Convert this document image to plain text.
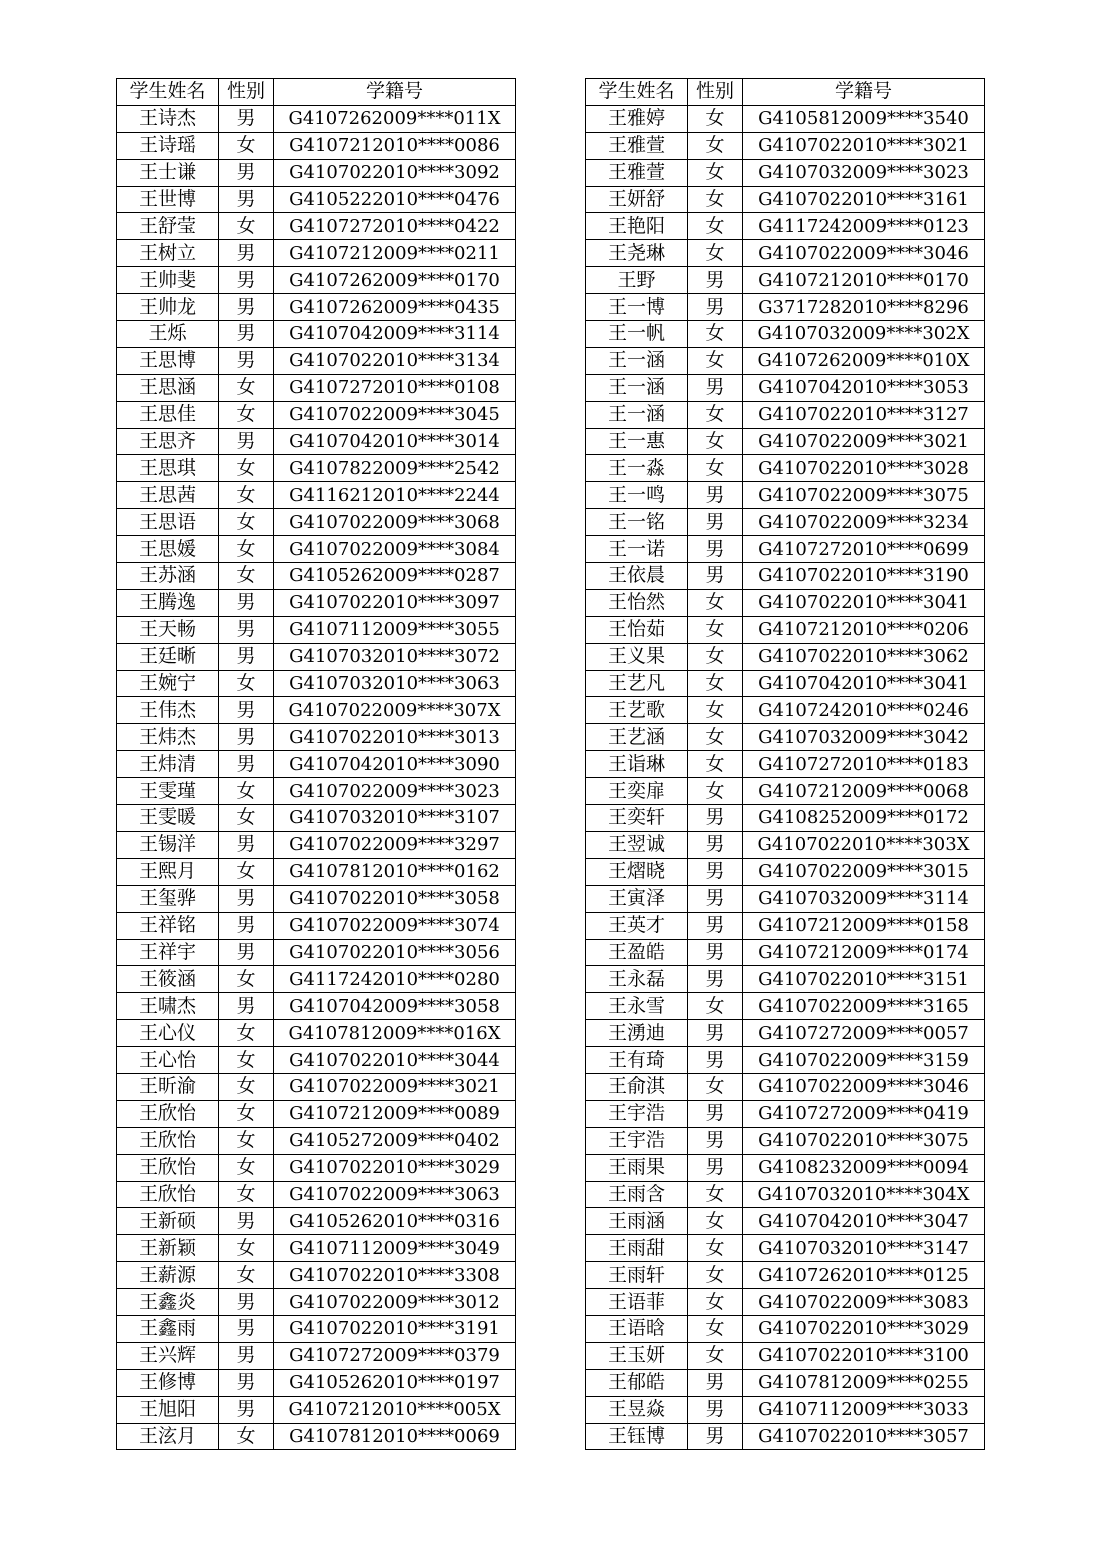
学生姓名	性别	学籍号
王诗杰	男	G4107262009****011X
王诗瑶	女	G4107212010****0086
王士谦	男	G4107022010****3092
王世博	男	G4105222010****0476
王舒莹	女	G4107272010****0422
王树立	男	G4107212009****0211
王帅斐	男	G4107262009****0170
王帅龙	男	G4107262009****0435
王烁	男	G4107042009****3114
王思博	男	G4107022010****3134
王思涵	女	G4107272010****0108
王思佳	女	G4107022009****3045
王思齐	男	G4107042010****3014
王思琪	女	G4107822009****2542
王思茜	女	G4116212010****2244
王思语	女	G4107022009****3068
王思媛	女	G4107022009****3084
王苏涵	女	G4105262009****0287
王腾逸	男	G4107022010****3097
王天畅	男	G4107112009****3055
王廷晰	男	G4107032010****3072
王婉宁	女	G4107032010****3063
王伟杰	男	G4107022009****307X
王炜杰	男	G4107022010****3013
王炜清	男	G4107042010****3090
王雯瑾	女	G4107022009****3023
王雯暖	女	G4107032010****3107
王锡洋	男	G4107022009****3297
王熙月	女	G4107812010****0162
王玺骅	男	G4107022010****3058
王祥铭	男	G4107022009****3074
王祥宇	男	G4107022010****3056
王筱涵	女	G4117242010****0280
王啸杰	男	G4107042009****3058
王心仪	女	G4107812009****016X
王心怡	女	G4107022010****3044
王昕渝	女	G4107022009****3021
王欣怡	女	G4107212009****0089
王欣怡	女	G4105272009****0402
王欣怡	女	G4107022010****3029
王欣怡	女	G4107022009****3063
王新硕	男	G4105262010****0316
王新颖	女	G4107112009****3049
王薪源	女	G4107022010****3308
王鑫炎	男	G4107022009****3012
王鑫雨	男	G4107022010****3191
王兴辉	男	G4107272009****0379
王修博	男	G4105262010****0197
王旭阳	男	G4107212010****005X
王泫月	女	G4107812010****0069
学生姓名	性别	学籍号
王雅婷	女	G4105812009****3540
王雅萱	女	G4107022010****3021
王雅萱	女	G4107032009****3023
王妍舒	女	G4107022010****3161
王艳阳	女	G4117242009****0123
王尧琳	女	G4107022009****3046
王野	男	G4107212010****0170
王一博	男	G3717282010****8296
王一帆	女	G4107032009****302X
王一涵	女	G4107262009****010X
王一涵	男	G4107042010****3053
王一涵	女	G4107022010****3127
王一惠	女	G4107022009****3021
王一淼	女	G4107022010****3028
王一鸣	男	G4107022009****3075
王一铭	男	G4107022009****3234
王一诺	男	G4107272010****0699
王依晨	男	G4107022010****3190
王怡然	女	G4107022010****3041
王怡茹	女	G4107212010****0206
王义果	女	G4107022010****3062
王艺凡	女	G4107042010****3041
王艺歌	女	G4107242010****0246
王艺涵	女	G4107032009****3042
王诣琳	女	G4107272010****0183
王奕扉	女	G4107212009****0068
王奕轩	男	G4108252009****0172
王翌诚	男	G4107022010****303X
王熠晓	男	G4107022009****3015
王寅泽	男	G4107032009****3114
王英才	男	G4107212009****0158
王盈皓	男	G4107212009****0174
王永磊	男	G4107022010****3151
王永雪	女	G4107022009****3165
王湧迪	男	G4107272009****0057
王有琦	男	G4107022009****3159
王俞淇	女	G4107022009****3046
王宇浩	男	G4107272009****0419
王宇浩	男	G4107022010****3075
王雨果	男	G4108232009****0094
王雨含	女	G4107032010****304X
王雨涵	女	G4107042010****3047
王雨甜	女	G4107032010****3147
王雨轩	女	G4107262010****0125
王语菲	女	G4107022009****3083
王语晗	女	G4107022010****3029
王玉妍	女	G4107022010****3100
王郁皓	男	G4107812009****0255
王昱焱	男	G4107112009****3033
王钰博	男	G4107022010****3057
